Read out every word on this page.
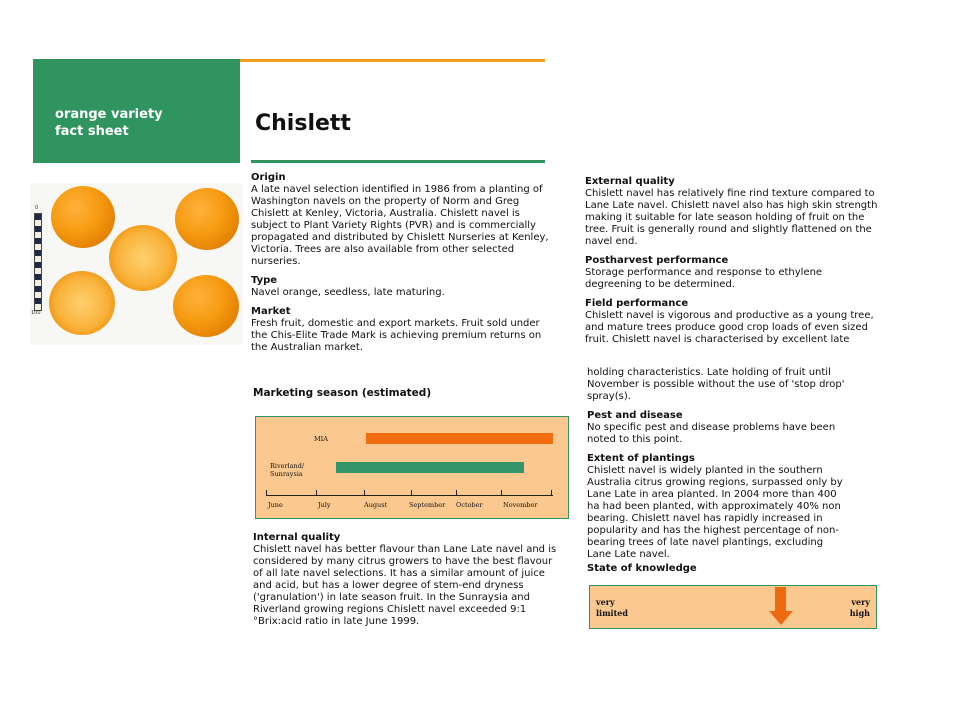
orange variety
fact sheet	Chislett
0
100
Origin

A late navel selection identified in 1986 from a planting of Washington navels on the property of Norm and Greg Chislett at Kenley, Victoria, Australia. Chislett navel is subject to Plant Variety Rights (PVR) and is commercially propagated and distributed by Chislett Nurseries at Kenley, Victoria. Trees are also available from other selected nurseries.

Type

Navel orange, seedless, late maturing.

Market

Fresh fruit, domestic and export markets. Fruit sold under the Chis-Elite Trade Mark is achieving premium returns on the Australian market.

Marketing season (estimated)
MIA
Riverland/
Sunraysia
June	July	August	September October	November
Internal quality

Chislett navel has better flavour than Lane Late navel and is considered by many citrus growers to have the best flavour of all late navel selections. It has a similar amount of juice and acid, but has a lower degree of stem-end dryness ('granulation') in late season fruit. In the Sunraysia and Riverland growing regions Chislett navel exceeded 9:1 °Brix:acid ratio in late June 1999.

External quality

Chislett navel has relatively fine rind texture compared to Lane Late navel. Chislett navel also has high skin strength making it suitable for late season holding of fruit on the tree. Fruit is generally round and slightly flattened on the navel end.

Postharvest performance

Storage performance and response to ethylene degreening to be determined.

Field performance

Chislett navel is vigorous and productive as a young tree, and mature trees produce good crop loads of even sized fruit. Chislett navel is characterised by excellent late

holding characteristics. Late holding of fruit until November is possible without the use of 'stop drop' spray(s).

Pest and disease

No specific pest and disease problems have been noted to this point.

Extent of plantings

Chislett navel is widely planted in the southern Australia citrus growing regions, surpassed only by Lane Late in area planted. In 2004 more than 400 ha had been planted, with approximately 40% non bearing. Chislett navel has rapidly increased in popularity and has the highest percentage of non-bearing trees of late navel plantings, excluding Lane Late navel.

State of knowledge
very
limited
very
high
